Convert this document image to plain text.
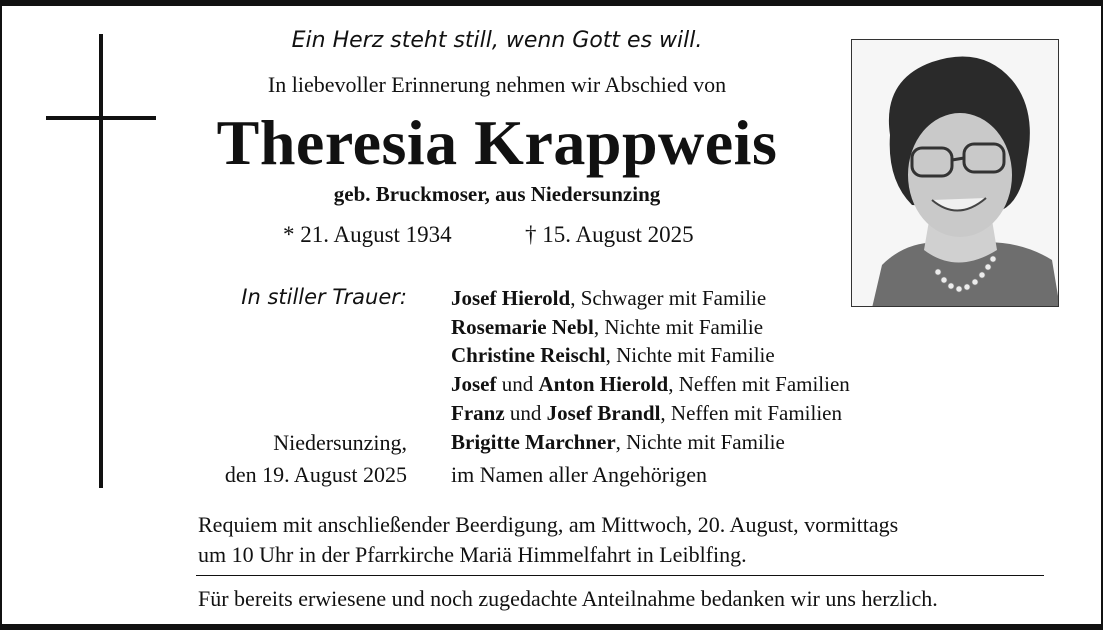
Ein Herz steht still, wenn Gott es will.
In liebevoller Erinnerung nehmen wir Abschied von
Theresia Krappweis
geb. Bruckmoser, aus Niedersunzing
* 21. August 1934	† 15. August 2025
In stiller Trauer: Josef Hierold, Schwager mit Familie
Rosemarie Nebl, Nichte mit Familie
Christine Reischl, Nichte mit Familie
Josef und Anton Hierold, Neffen mit Familien
Franz und Josef Brandl, Neffen mit Familien
Brigitte Marchner, Nichte mit Familie
Niedersunzing,
den 19. August 2025 im Namen aller Angehörigen
Requiem mit anschließender Beerdigung, am Mittwoch, 20. August, vormittags
um 10 Uhr in der Pfarrkirche Mariä Himmelfahrt in Leiblfing.
Für bereits erwiesene und noch zugedachte Anteilnahme bedanken wir uns herzlich.
